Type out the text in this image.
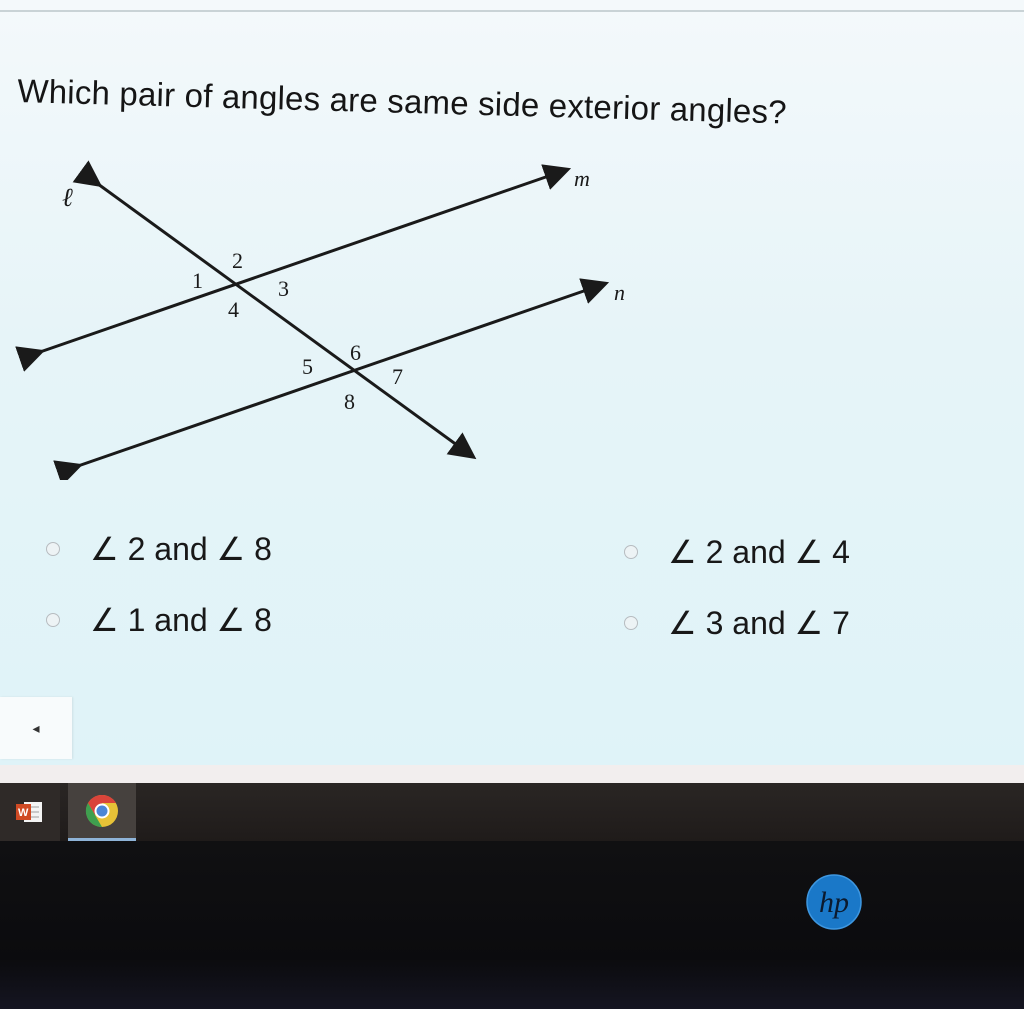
Which pair of angles are same side exterior angles?
ℓ
m
n
1
2
3
4
5
6
7
8
∠ 2 and ∠ 8	∠ 2 and ∠ 4
∠ 1 and ∠ 8	∠ 3 and ∠ 7
◂
W
hp
